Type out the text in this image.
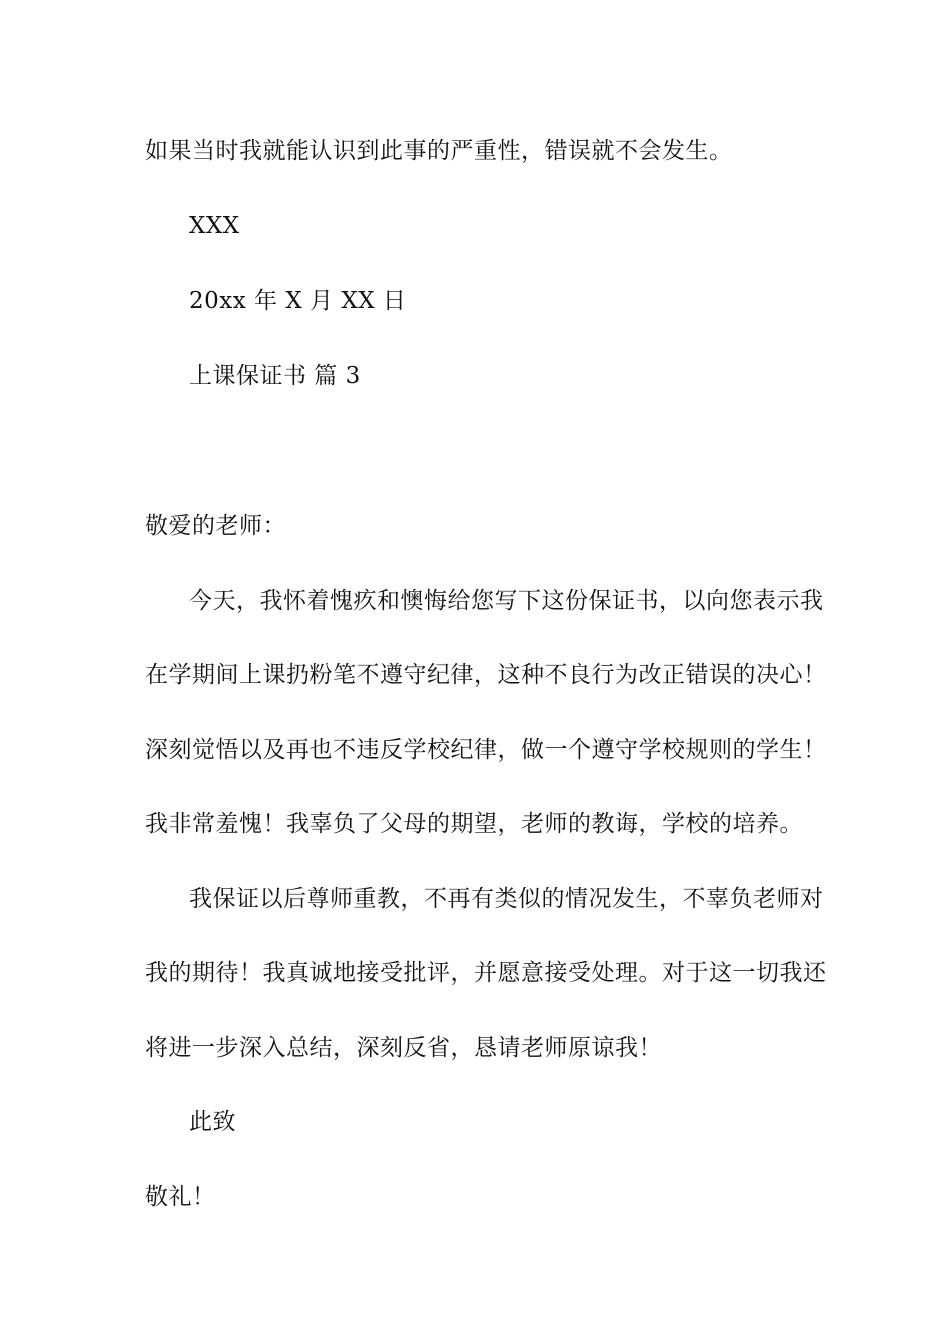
如果当时我就能认识到此事的严重性，错误就不会发生。
XXX
20xx 年 X 月 XX 日
上课保证书 篇 3
敬爱的老师：
今天，我怀着愧疚和懊悔给您写下这份保证书，以向您表示我
在学期间上课扔粉笔不遵守纪律，这种不良行为改正错误的决心！
深刻觉悟以及再也不违反学校纪律，做一个遵守学校规则的学生！
我非常羞愧！我辜负了父母的期望，老师的教诲，学校的培养。
我保证以后尊师重教，不再有类似的情况发生，不辜负老师对
我的期待！我真诚地接受批评，并愿意接受处理。对于这一切我还
将进一步深入总结，深刻反省，恳请老师原谅我！
此致
敬礼！
